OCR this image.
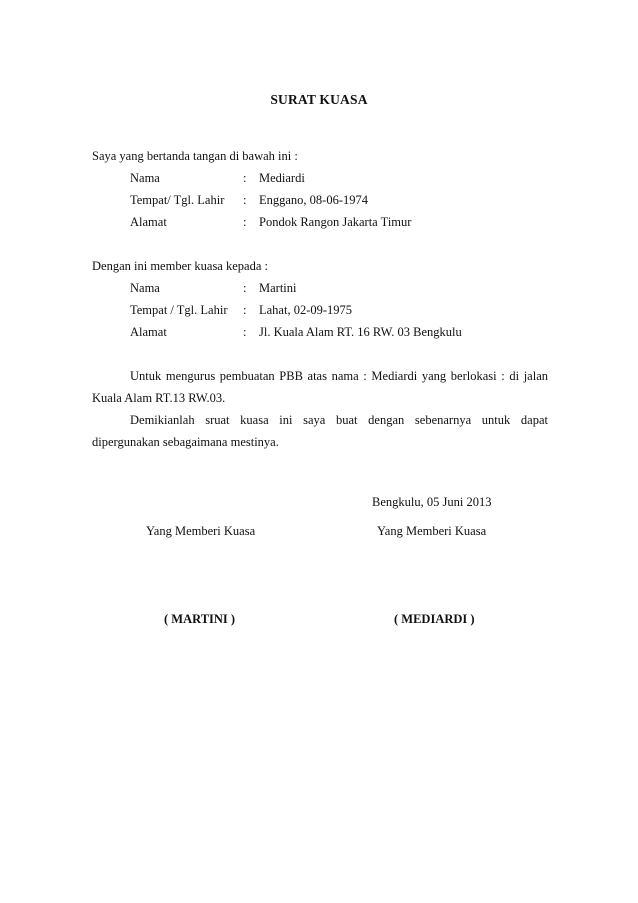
SURAT KUASA
Saya yang bertanda tangan di bawah ini :
Nama	: Mediardi
Tempat/ Tgl. Lahir	: Enggano, 08-06-1974
Alamat	: Pondok Rangon Jakarta Timur
Dengan ini member kuasa kepada :
Nama	: Martini
Tempat / Tgl. Lahir	: Lahat, 02-09-1975
Alamat	: Jl. Kuala Alam RT. 16 RW. 03 Bengkulu
Untuk mengurus pembuatan PBB atas nama : Mediardi yang berlokasi : di jalan
Kuala Alam RT.13 RW.03.
Demikianlah sruat kuasa ini saya buat dengan sebenarnya untuk dapat
dipergunakan sebagaimana mestinya.
Bengkulu, 05 Juni 2013
Yang Memberi Kuasa	Yang Memberi Kuasa
( MARTINI )	( MEDIARDI )
